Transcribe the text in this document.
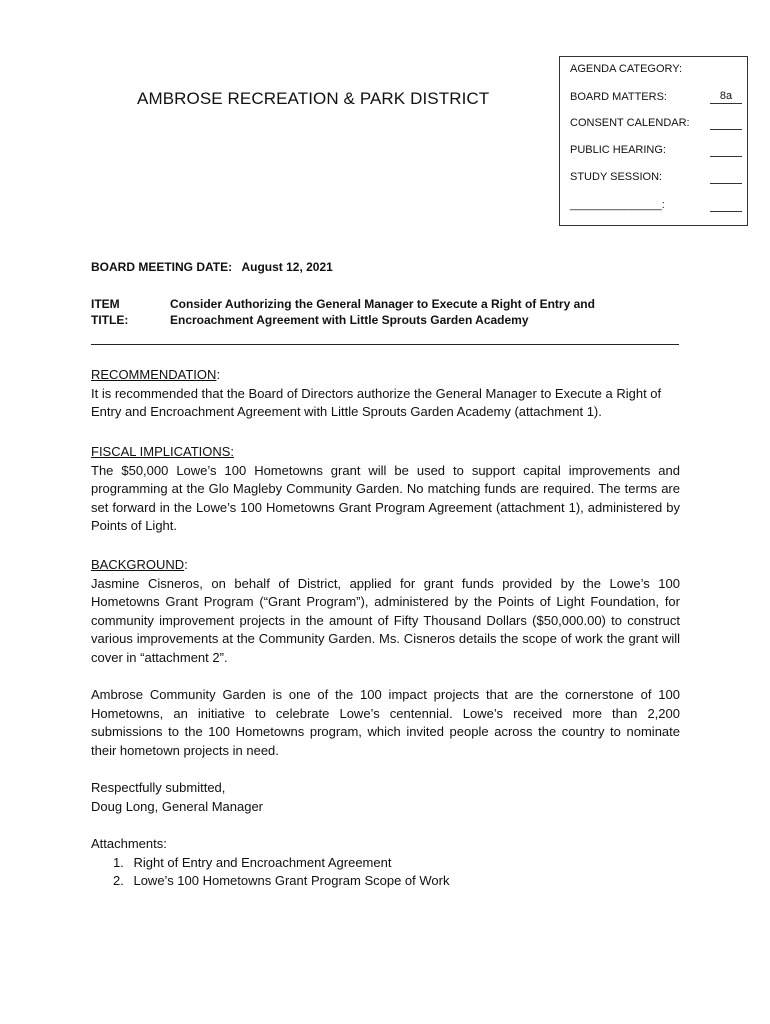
AMBROSE RECREATION & PARK DISTRICT
AGENDA CATEGORY:
BOARD MATTERS:	8a
CONSENT CALENDAR:
PUBLIC HEARING:
STUDY SESSION:
_______________:
BOARD MEETING DATE: August 12, 2021
ITEM TITLE:
Consider Authorizing the General Manager to Execute a Right of Entry and Encroachment Agreement with Little Sprouts Garden Academy
RECOMMENDATION:
It is recommended that the Board of Directors authorize the General Manager to Execute a Right of Entry and Encroachment Agreement with Little Sprouts Garden Academy (attachment 1).
FISCAL IMPLICATIONS:
The $50,000 Lowe’s 100 Hometowns grant will be used to support capital improvements and programming at the Glo Magleby Community Garden. No matching funds are required. The terms are set forward in the Lowe’s 100 Hometowns Grant Program Agreement (attachment 1), administered by Points of Light.
BACKGROUND:
Jasmine Cisneros, on behalf of District, applied for grant funds provided by the Lowe’s 100 Hometowns Grant Program (“Grant Program”), administered by the Points of Light Foundation, for community improvement projects in the amount of Fifty Thousand Dollars ($50,000.00) to construct various improvements at the Community Garden. Ms. Cisneros details the scope of work the grant will cover in “attachment 2”.
Ambrose Community Garden is one of the 100 impact projects that are the cornerstone of 100 Hometowns, an initiative to celebrate Lowe’s centennial. Lowe’s received more than 2,200 submissions to the 100 Hometowns program, which invited people across the country to nominate their hometown projects in need.
Respectfully submitted,
Doug Long, General Manager
Attachments:
1. Right of Entry and Encroachment Agreement
2. Lowe’s 100 Hometowns Grant Program Scope of Work
